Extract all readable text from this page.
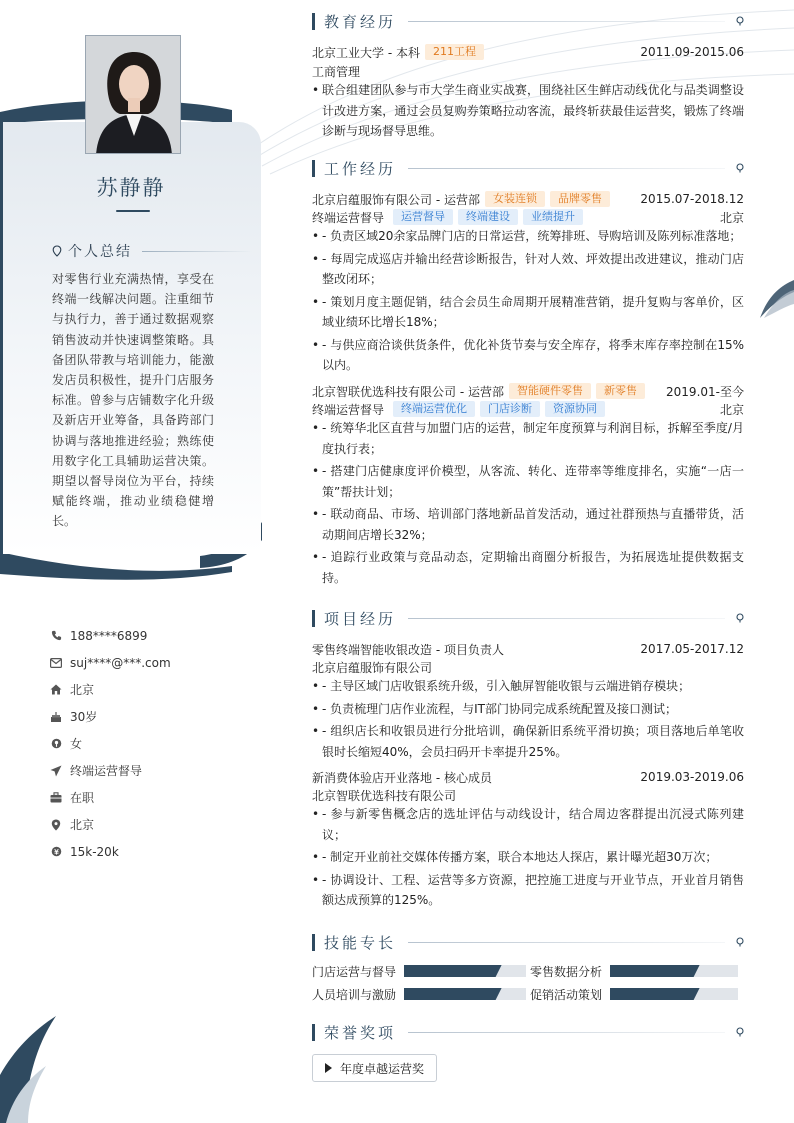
苏静静
个人总结
对零售行业充满热情，享受在终端一线解决问题。注重细节与执行力，善于通过数据观察销售波动并快速调整策略。具备团队带教与培训能力，能激发店员积极性，提升门店服务标准。曾参与店铺数字化升级及新店开业筹备，具备跨部门协调与落地推进经验；熟练使用数字化工具辅助运营决策。期望以督导岗位为平台，持续赋能终端，推动业绩稳健增长。
188****6899
suj****@***.com
北京
30岁
女
终端运营督导
在职
北京
15k-20k
教育经历
北京工业大学 - 本科	211工程	2011.09-2015.06
工商管理
• 联合组建团队参与市大学生商业实战赛，围绕社区生鲜店动线优化与品类调整设计改进方案，通过会员复购券策略拉动客流，最终斩获最佳运营奖，锻炼了终端诊断与现场督导思维。
工作经历
北京启蕴服饰有限公司 - 运营部	女装连锁	品牌零售	2015.07-2018.12
终端运营督导	运营督导	终端建设	业绩提升	北京
• - 负责区域20余家品牌门店的日常运营，统筹排班、导购培训及陈列标准落地；
• - 每周完成巡店并输出经营诊断报告，针对人效、坪效提出改进建议，推动门店整改闭环；
• - 策划月度主题促销，结合会员生命周期开展精准营销，提升复购与客单价，区域业绩环比增长18%；
• - 与供应商洽谈供货条件，优化补货节奏与安全库存，将季末库存率控制在15%以内。
北京智联优选科技有限公司 - 运营部	智能硬件零售	新零售	2019.01-至今
终端运营督导	终端运营优化	门店诊断	资源协同	北京
• - 统筹华北区直营与加盟门店的运营，制定年度预算与利润目标，拆解至季度/月度执行表；
• - 搭建门店健康度评价模型，从客流、转化、连带率等维度排名，实施“一店一策”帮扶计划；
• - 联动商品、市场、培训部门落地新品首发活动，通过社群预热与直播带货，活动期间店增长32%；
• - 追踪行业政策与竞品动态，定期输出商圈分析报告，为拓展选址提供数据支持。
项目经历
零售终端智能收银改造 - 项目负责人	2017.05-2017.12
北京启蕴服饰有限公司
• - 主导区域门店收银系统升级，引入触屏智能收银与云端进销存模块；
• - 负责梳理门店作业流程，与IT部门协同完成系统配置及接口测试；
• - 组织店长和收银员进行分批培训，确保新旧系统平滑切换；项目落地后单笔收银时长缩短40%，会员扫码开卡率提升25%。
新消费体验店开业落地 - 核心成员	2019.03-2019.06
北京智联优选科技有限公司
• - 参与新零售概念店的选址评估与动线设计，结合周边客群提出沉浸式陈列建议；
• - 制定开业前社交媒体传播方案，联合本地达人探店，累计曝光超30万次；
• - 协调设计、工程、运营等多方资源，把控施工进度与开业节点，开业首月销售额达成预算的125%。
技能专长
门店运营与督导	零售数据分析
人员培训与激励	促销活动策划
荣誉奖项
年度卓越运营奖
